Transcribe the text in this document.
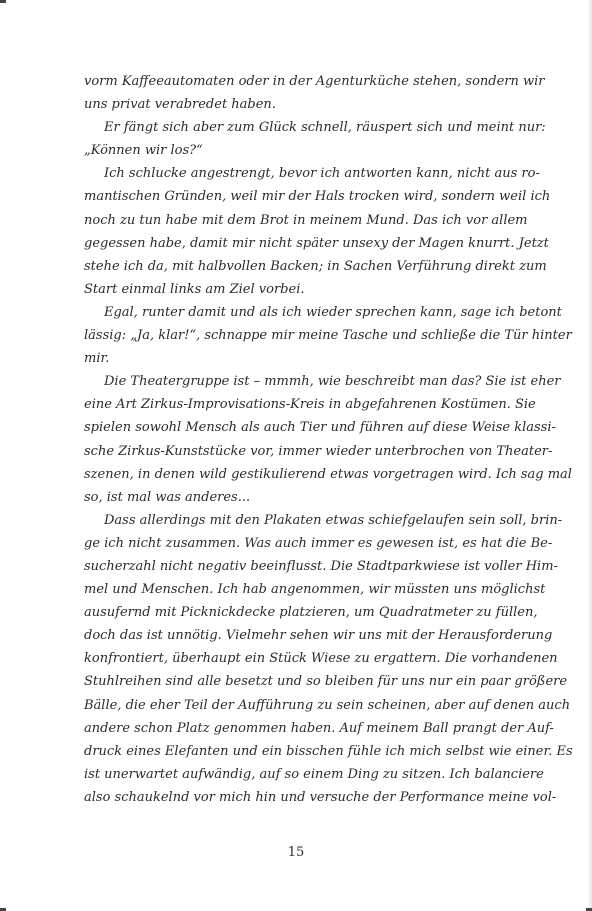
vorm Kaffeeautomaten oder in der Agenturküche stehen, sondern wir
uns privat verabredet haben.
Er fängt sich aber zum Glück schnell, räuspert sich und meint nur:
„Können wir los?“
Ich schlucke angestrengt, bevor ich antworten kann, nicht aus ro-
mantischen Gründen, weil mir der Hals trocken wird, sondern weil ich
noch zu tun habe mit dem Brot in meinem Mund. Das ich vor allem
gegessen habe, damit mir nicht später unsexy der Magen knurrt. Jetzt
stehe ich da, mit halbvollen Backen; in Sachen Verführung direkt zum
Start einmal links am Ziel vorbei.
Egal, runter damit und als ich wieder sprechen kann, sage ich betont
lässig: „Ja, klar!“, schnappe mir meine Tasche und schließe die Tür hinter
mir.
Die Theatergruppe ist – mmmh, wie beschreibt man das? Sie ist eher
eine Art Zirkus-Improvisations-Kreis in abgefahrenen Kostümen. Sie
spielen sowohl Mensch als auch Tier und führen auf diese Weise klassi-
sche Zirkus-Kunststücke vor, immer wieder unterbrochen von Theater-
szenen, in denen wild gestikulierend etwas vorgetragen wird. Ich sag mal
so, ist mal was anderes...
Dass allerdings mit den Plakaten etwas schiefgelaufen sein soll, brin-
ge ich nicht zusammen. Was auch immer es gewesen ist, es hat die Be-
sucherzahl nicht negativ beeinflusst. Die Stadtparkwiese ist voller Him-
mel und Menschen. Ich hab angenommen, wir müssten uns möglichst
ausufernd mit Picknickdecke platzieren, um Quadratmeter zu füllen,
doch das ist unnötig. Vielmehr sehen wir uns mit der Herausforderung
konfrontiert, überhaupt ein Stück Wiese zu ergattern. Die vorhandenen
Stuhlreihen sind alle besetzt und so bleiben für uns nur ein paar größere
Bälle, die eher Teil der Aufführung zu sein scheinen, aber auf denen auch
andere schon Platz genommen haben. Auf meinem Ball prangt der Auf-
druck eines Elefanten und ein bisschen fühle ich mich selbst wie einer. Es
ist unerwartet aufwändig, auf so einem Ding zu sitzen. Ich balanciere
also schaukelnd vor mich hin und versuche der Performance meine vol-
15
